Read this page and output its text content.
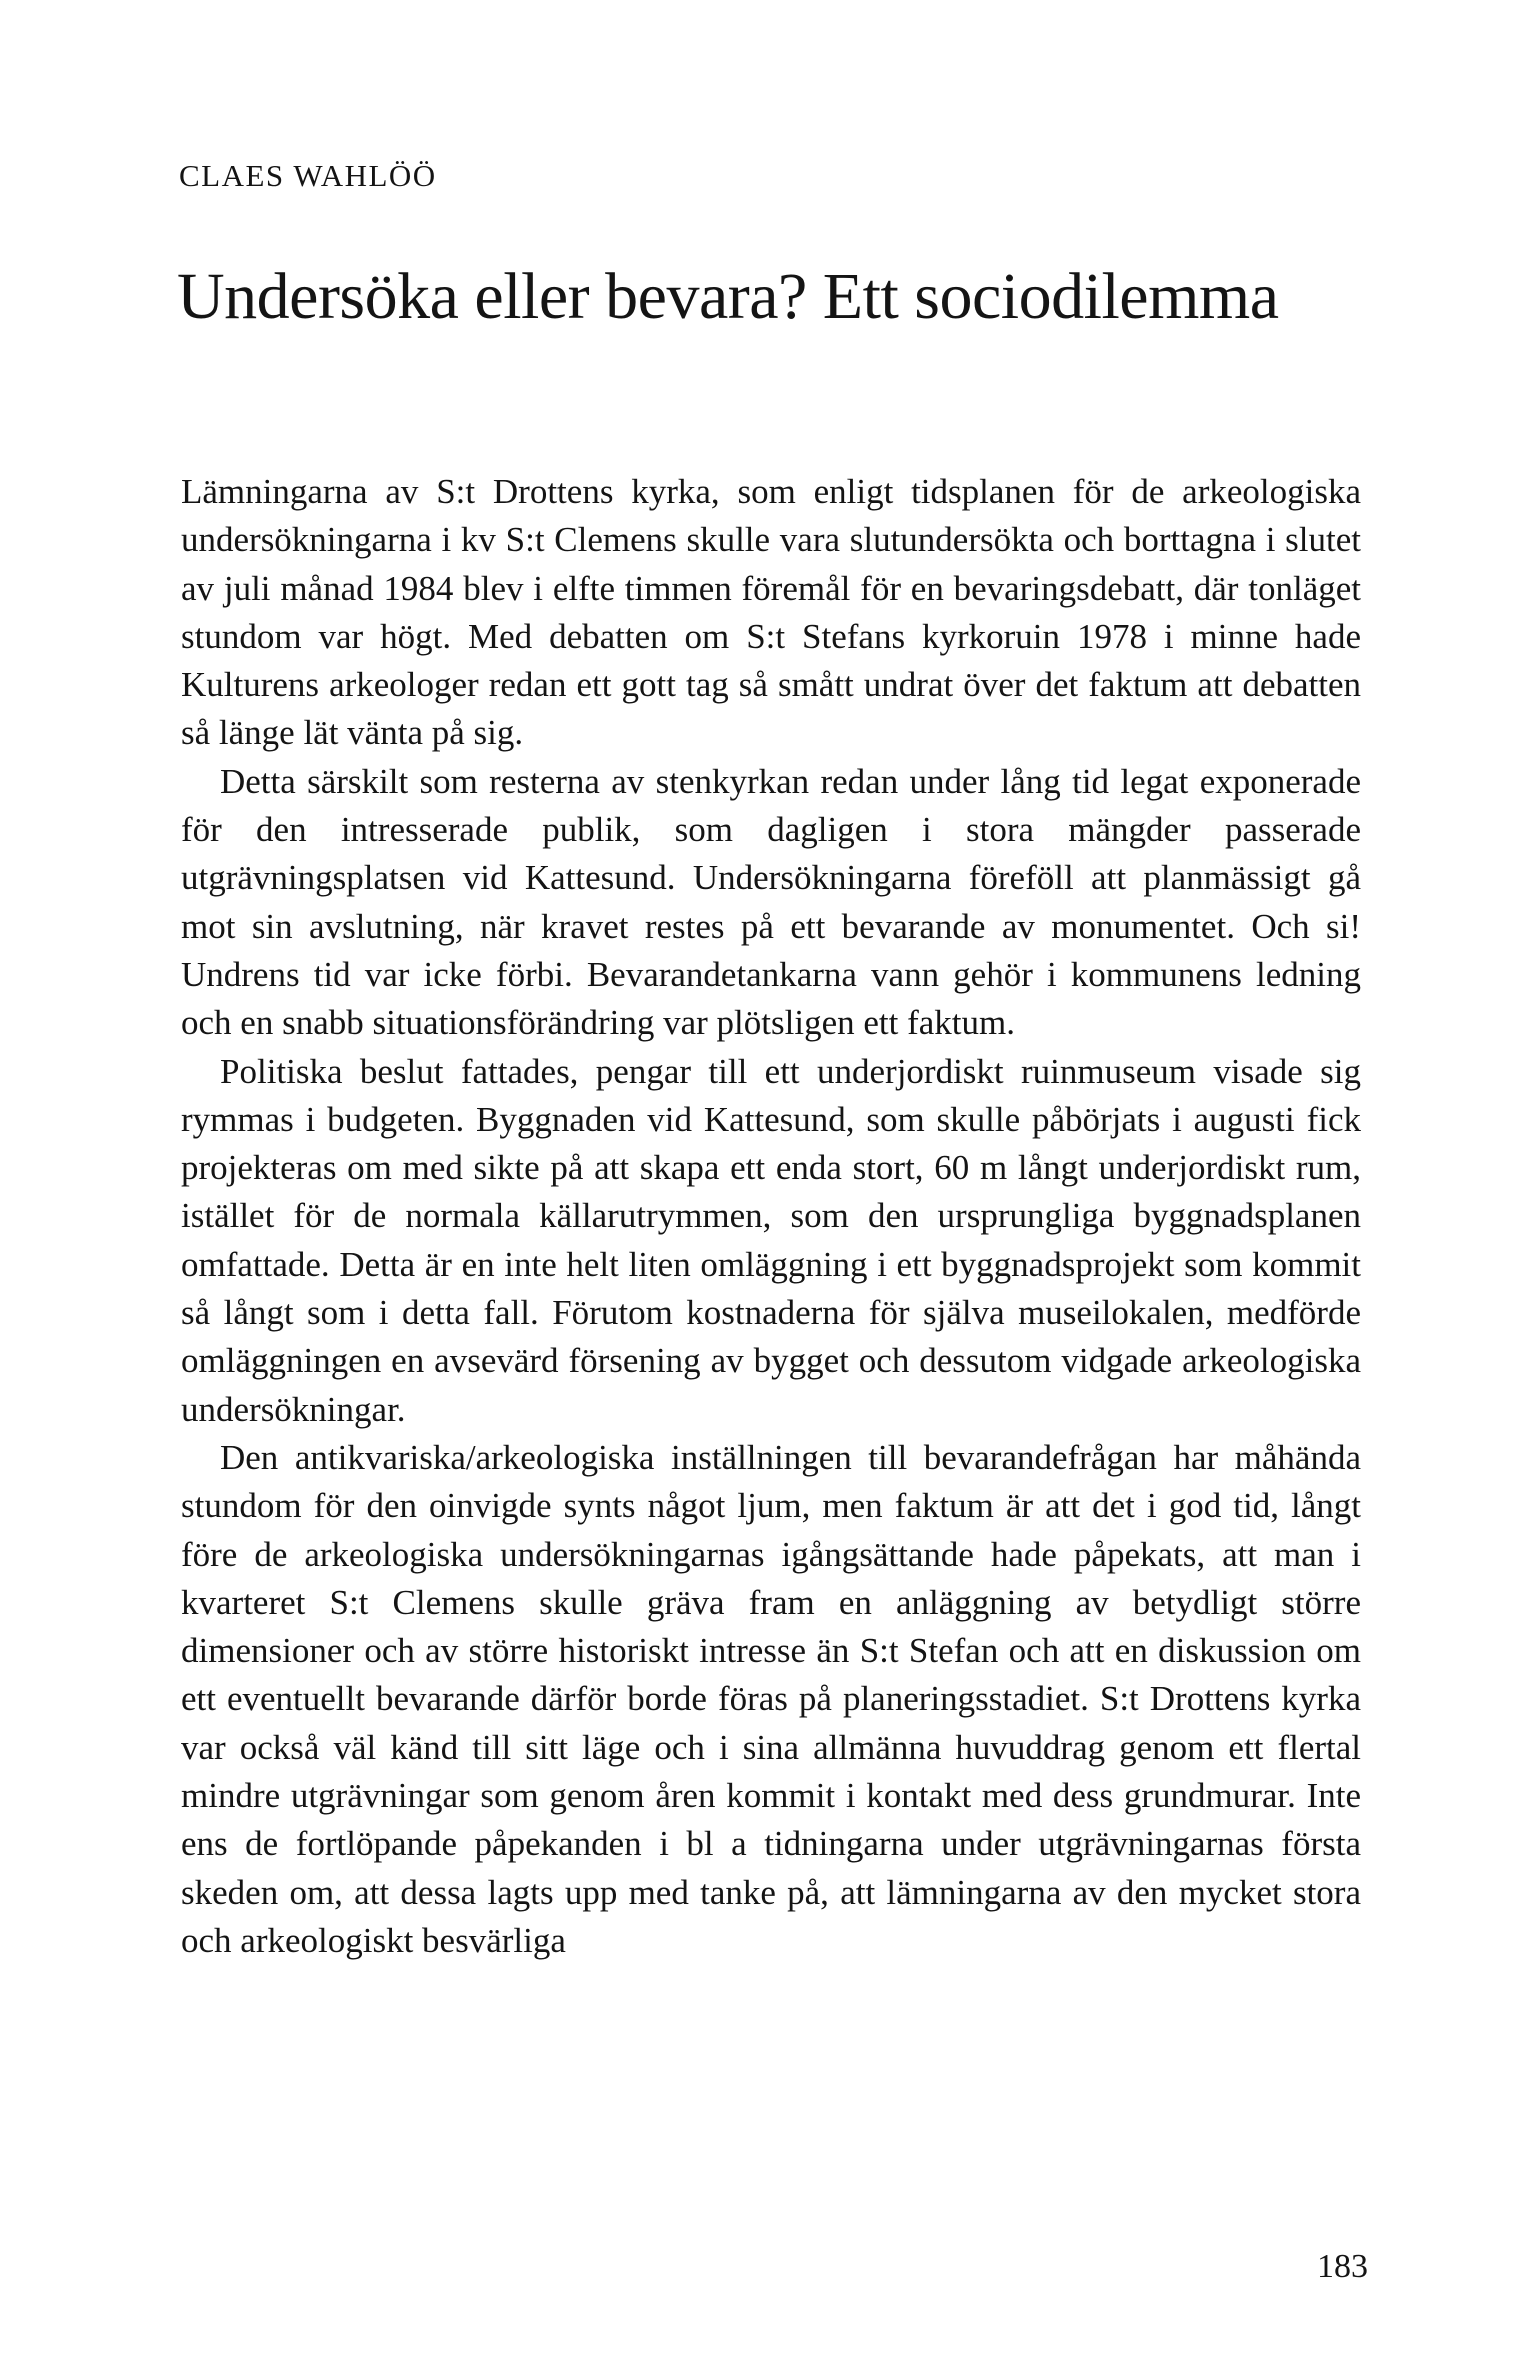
CLAES WAHLÖÖ
Undersöka eller bevara? Ett sociodilemma

Lämningarna av S:t Drottens kyrka, som enligt tidsplanen för de arkeologiska undersökningarna i kv S:t Clemens skulle vara slutundersökta och borttagna i slutet av juli månad 1984 blev i elfte timmen föremål för en bevaringsdebatt, där tonläget stundom var högt. Med debatten om S:t Stefans kyrkoruin 1978 i minne hade Kulturens arkeologer redan ett gott tag så smått undrat över det faktum att debatten så länge lät vänta på sig.

Detta särskilt som resterna av stenkyrkan redan under lång tid legat exponerade för den intresserade publik, som dagligen i stora mängder passerade utgrävningsplatsen vid Kattesund. Undersökningarna föreföll att planmässigt gå mot sin avslutning, när kravet restes på ett bevarande av monumentet. Och si! Undrens tid var icke förbi. Bevarandetankarna vann gehör i kommunens ledning och en snabb situationsförändring var plötsligen ett faktum.

Politiska beslut fattades, pengar till ett underjordiskt ruinmuseum visade sig rymmas i budgeten. Byggnaden vid Kattesund, som skulle påbörjats i augusti fick projekteras om med sikte på att skapa ett enda stort, 60 m långt underjordiskt rum, istället för de normala källarutrymmen, som den ursprungliga byggnadsplanen omfattade. Detta är en inte helt liten omläggning i ett byggnadsprojekt som kommit så långt som i detta fall. Förutom kostnaderna för själva museilokalen, medförde omläggningen en avsevärd försening av bygget och dessutom vidgade arkeologiska undersökningar.

Den antikvariska/arkeologiska inställningen till bevarandefrågan har måhända stundom för den oinvigde synts något ljum, men faktum är att det i god tid, långt före de arkeologiska undersökningarnas igångsättande hade påpekats, att man i kvarteret S:t Clemens skulle gräva fram en anläggning av betydligt större dimensioner och av större historiskt intresse än S:t Stefan och att en diskussion om ett eventuellt bevarande därför borde föras på planeringsstadiet. S:t Drottens kyrka var också väl känd till sitt läge och i sina allmänna huvuddrag genom ett flertal mindre utgrävningar som genom åren kommit i kontakt med dess grundmurar. Inte ens de fortlöpande påpekanden i bl a tidningarna under utgrävningarnas första skeden om, att dessa lagts upp med tanke på, att lämningarna av den mycket stora och arkeologiskt besvärliga

183
